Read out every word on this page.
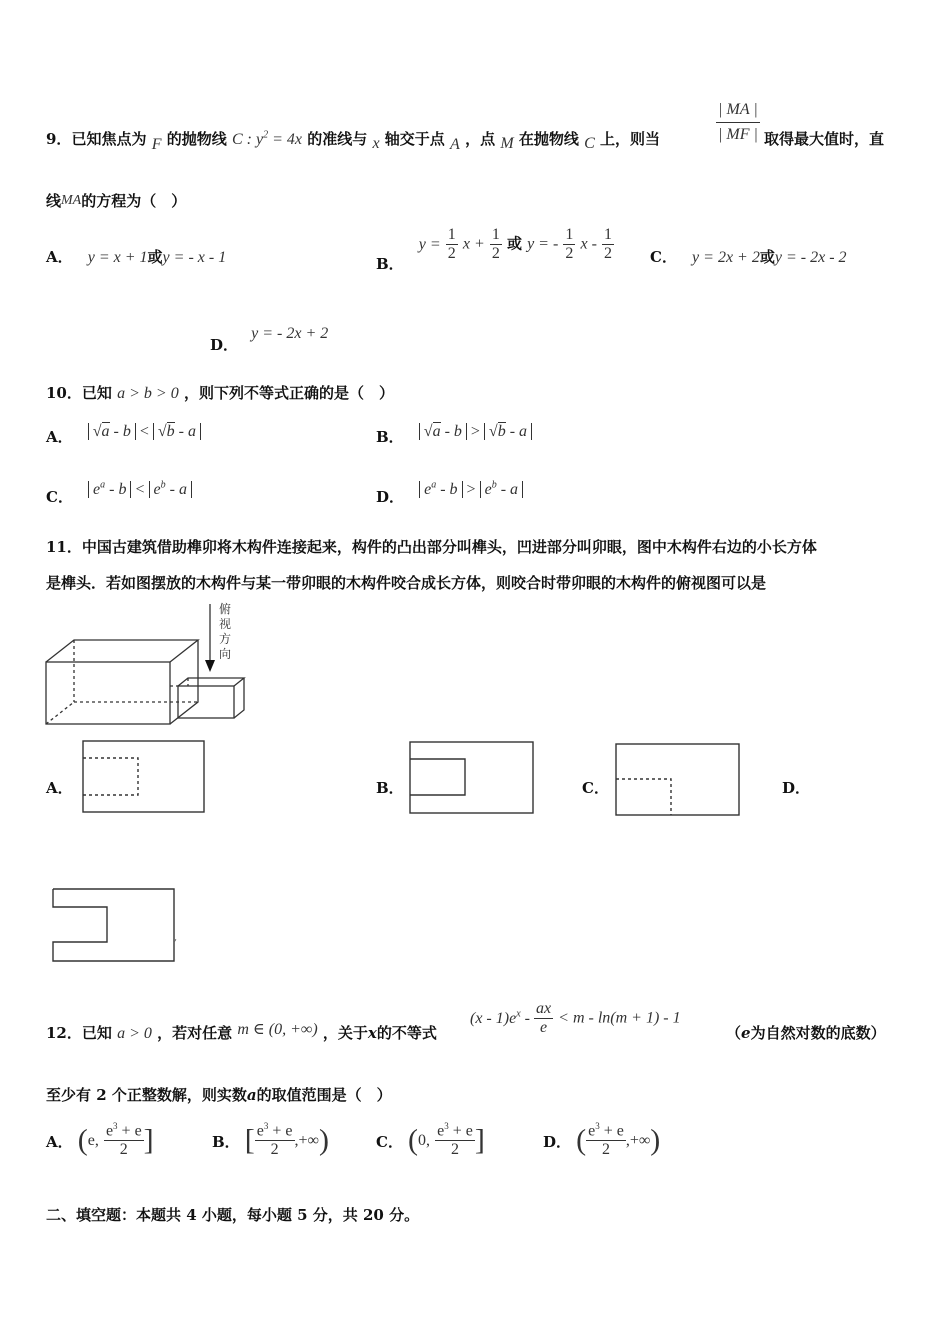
9．已知焦点为 F 的抛物线 C : $y^2 = 4x$ 的准线与 x 轴交于点 A ，点 M 在抛物线 C 上，则当	$\frac{| MA |}{| MF |}$ 取得最大值时，直
线MA的方程为（　）
A． y = x + 1或y = - x - 1	B． $y = \frac{1}{2}$ $x + \frac{1}{2}$ 或 y = - $\frac{1}{2}$ x - $\frac{1}{2}$ C． y = 2x + 2或y = - 2x - 2
D． y = - 2x + 2
10．已知 a > b > 0 ，则下列不等式正确的是（　）
A． √a - b < √b - a	B． √a - b > √b - a
C． $e^a - b < e^b - a$	D． $e^a - b > e^b - a$
11．中国古建筑借助榫卯将木构件连接起来，构件的凸出部分叫榫头，凹进部分叫卯眼，图中木构件右边的小长方体
是榫头．若如图摆放的木构件与某一带卯眼的木构件咬合成长方体，则咬合时带卯眼的木构件的俯视图可以是
俯
视
方
向
A．	B．	C．	D．
,
12．已知 a > 0 ，若对任意 m ∈ (0, +∞) ，关于x的不等式
$(x - 1)e^x - \frac{ax}{e} < m - \ln(m + 1) - 1$
（e为自然对数的底数）
至少有 2 个正整数解，则实数a的取值范围是（　）
A． (e, $\frac{e^3 + e}{2}$ ]	B． [ $\frac{e^3 + e}{2}$ ,+∞)	C． (0, $\frac{e^3 + e}{2}$ ]	D． ( $\frac{e^3 + e}{2}$ ,+∞)
二、填空题：本题共 4 小题，每小题 5 分，共 20 分。
